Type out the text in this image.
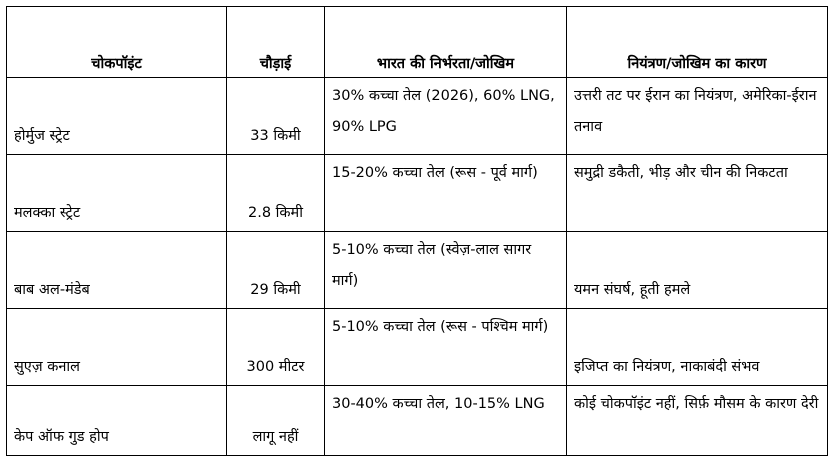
चोकपॉइंट	चौड़ाई	भारत की निर्भरता/जोखिम	नियंत्रण/जोखिम का कारण
होर्मुज स्ट्रेट	33 किमी	30% कच्चा तेल (2026), 60% LNG, 90% LPG	उत्तरी तट पर ईरान का नियंत्रण, अमेरिका-ईरान तनाव
मलक्का स्ट्रेट	2.8 किमी	15-20% कच्चा तेल (रूस - पूर्व मार्ग)	समुद्री डकैती, भीड़ और चीन की निकटता
बाब अल-मंडेब	29 किमी	5-10% कच्चा तेल (स्वेज़-लाल सागर मार्ग)	यमन संघर्ष, हूती हमले
सुएज़ कनाल	300 मीटर	5-10% कच्चा तेल (रूस - पश्चिम मार्ग)	इजिप्त का नियंत्रण, नाकाबंदी संभव
केप ऑफ गुड होप	लागू नहीं	30-40% कच्चा तेल, 10-15% LNG	कोई चोकपॉइंट नहीं, सिर्फ़ मौसम के कारण देरी
